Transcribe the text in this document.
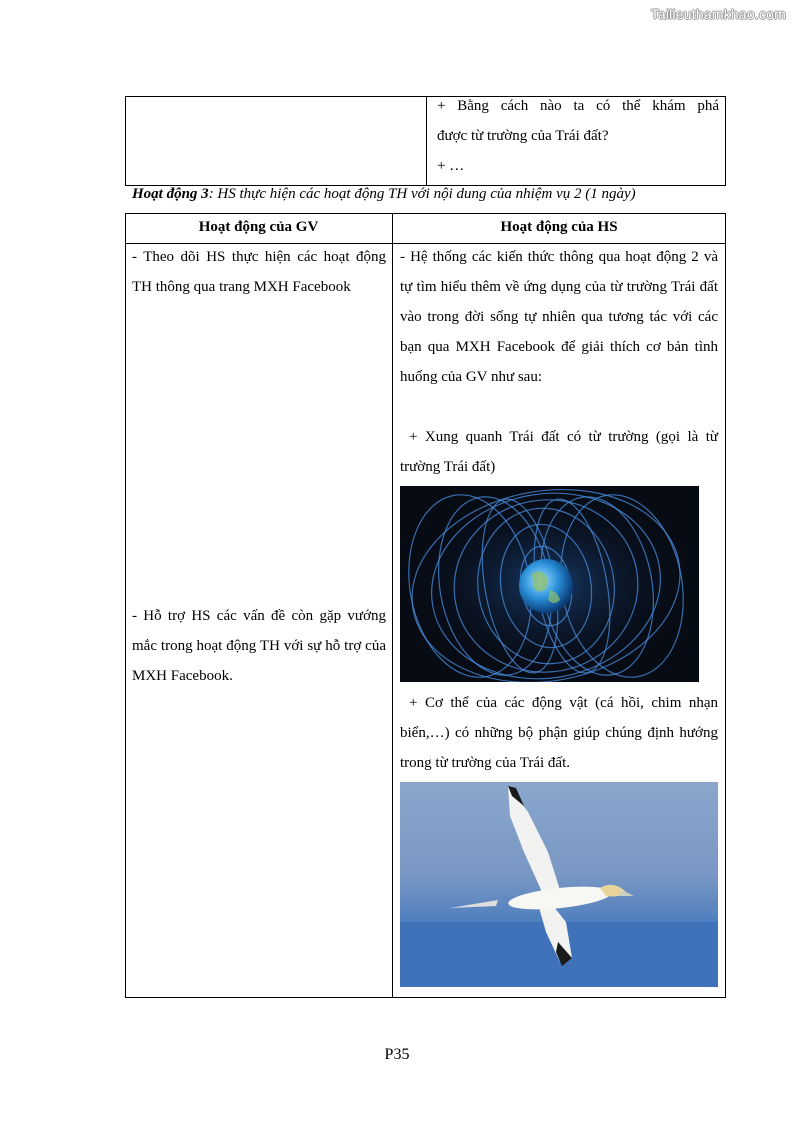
Tailieuthamkhao.com
+ Bằng cách nào ta có thể khám phá
được từ trường của Trái đất?
+ …
Hoạt động 3: HS thực hiện các hoạt động TH với nội dung của nhiệm vụ 2 (1 ngày)
Hoạt động của GV	Hoạt động của HS
- Theo dõi HS thực hiện các hoạt động TH thông qua trang MXH Facebook
- Hỗ trợ HS các vấn đề còn gặp vướng mắc trong hoạt động TH với sự hỗ trợ của MXH Facebook.
- Hệ thống các kiến thức thông qua hoạt động 2 và tự tìm hiểu thêm về ứng dụng của từ trường Trái đất vào trong đời sống tự nhiên qua tương tác với các bạn qua MXH Facebook để giải thích cơ bản tình huống của GV như sau:
+ Xung quanh Trái đất có từ trường (gọi là từ trường Trái đất)
+ Cơ thể của các động vật (cá hồi, chim nhạn biển,…) có những bộ phận giúp chúng định hướng trong từ trường của Trái đất.
P35
